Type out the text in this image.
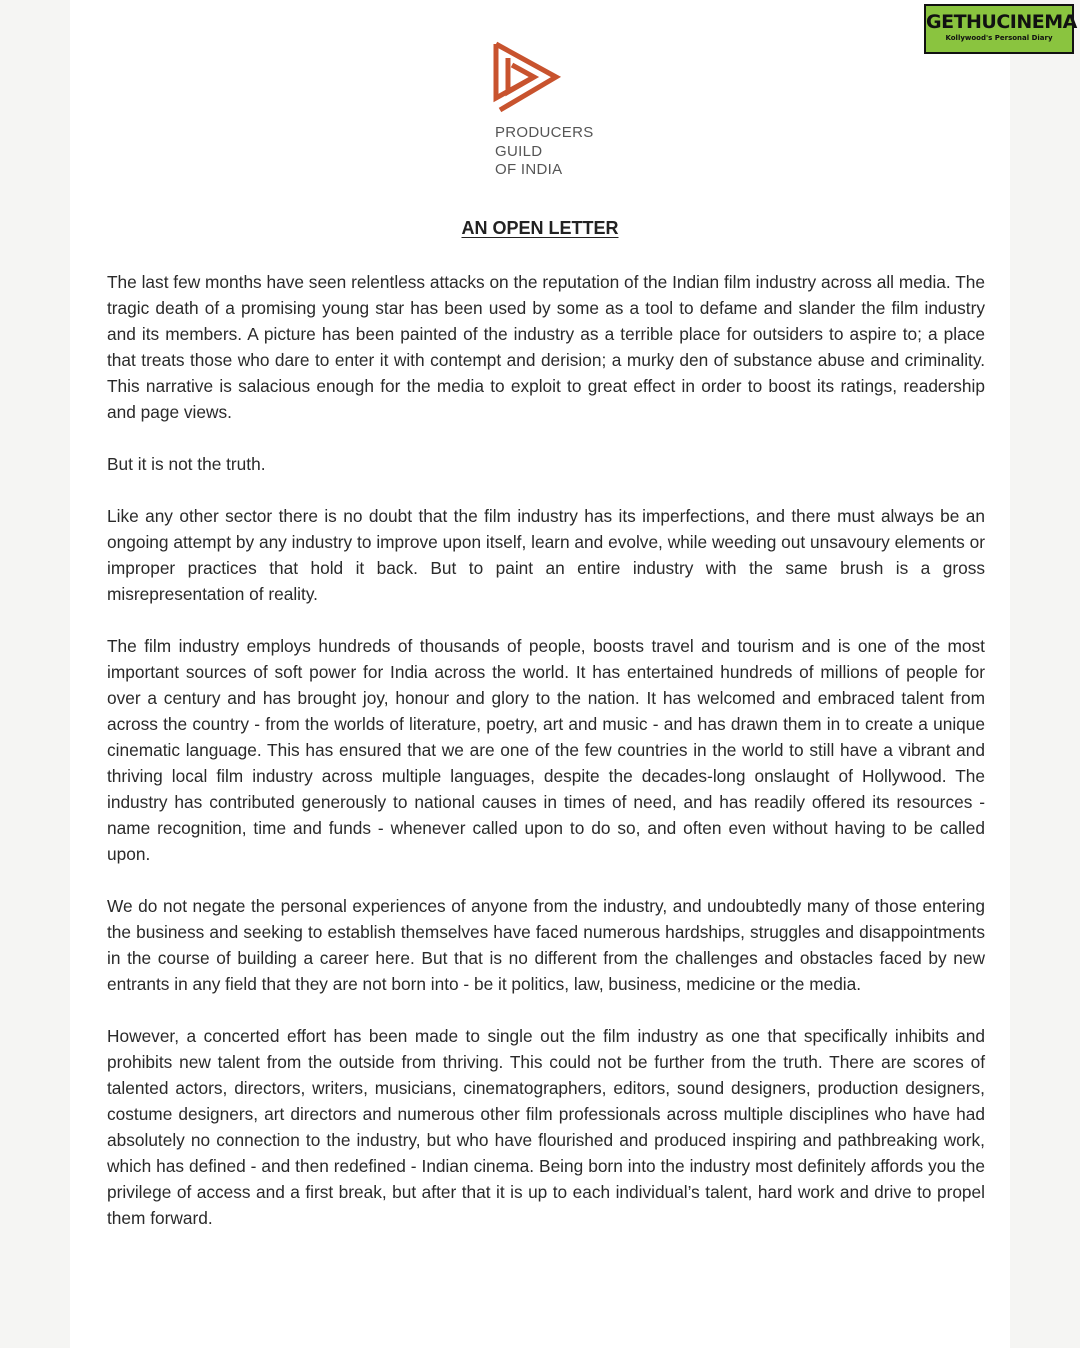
GETHUCINEMA
Kollywood's Personal Diary
PRODUCERS
GUILD
OF INDIA
AN OPEN LETTER

The last few months have seen relentless attacks on the reputation of the Indian film industry across all media. The tragic death of a promising young star has been used by some as a tool to defame and slander the film industry and its members. A picture has been painted of the industry as a terrible place for outsiders to aspire to; a place that treats those who dare to enter it with contempt and derision; a murky den of substance abuse and criminality. This narrative is salacious enough for the media to exploit to great effect in order to boost its ratings, readership and page views.

But it is not the truth.

Like any other sector there is no doubt that the film industry has its imperfections, and there must always be an ongoing attempt by any industry to improve upon itself, learn and evolve, while weeding out unsavoury elements or improper practices that hold it back. But to paint an entire industry with the same brush is a gross misrepresentation of reality.

The film industry employs hundreds of thousands of people, boosts travel and tourism and is one of the most important sources of soft power for India across the world. It has entertained hundreds of millions of people for over a century and has brought joy, honour and glory to the nation. It has welcomed and embraced talent from across the country - from the worlds of literature, poetry, art and music - and has drawn them in to create a unique cinematic language. This has ensured that we are one of the few countries in the world to still have a vibrant and thriving local film industry across multiple languages, despite the decades-long onslaught of Hollywood. The industry has contributed generously to national causes in times of need, and has readily offered its resources - name recognition, time and funds - whenever called upon to do so, and often even without having to be called upon.

We do not negate the personal experiences of anyone from the industry, and undoubtedly many of those entering the business and seeking to establish themselves have faced numerous hardships, struggles and disappointments in the course of building a career here. But that is no different from the challenges and obstacles faced by new entrants in any field that they are not born into - be it politics, law, business, medicine or the media.

However, a concerted effort has been made to single out the film industry as one that specifically inhibits and prohibits new talent from the outside from thriving. This could not be further from the truth. There are scores of talented actors, directors, writers, musicians, cinematographers, editors, sound designers, production designers, costume designers, art directors and numerous other film professionals across multiple disciplines who have had absolutely no connection to the industry, but who have flourished and produced inspiring and pathbreaking work, which has defined - and then redefined - Indian cinema. Being born into the industry most definitely affords you the privilege of access and a first break, but after that it is up to each individual’s talent, hard work and drive to propel them forward.
